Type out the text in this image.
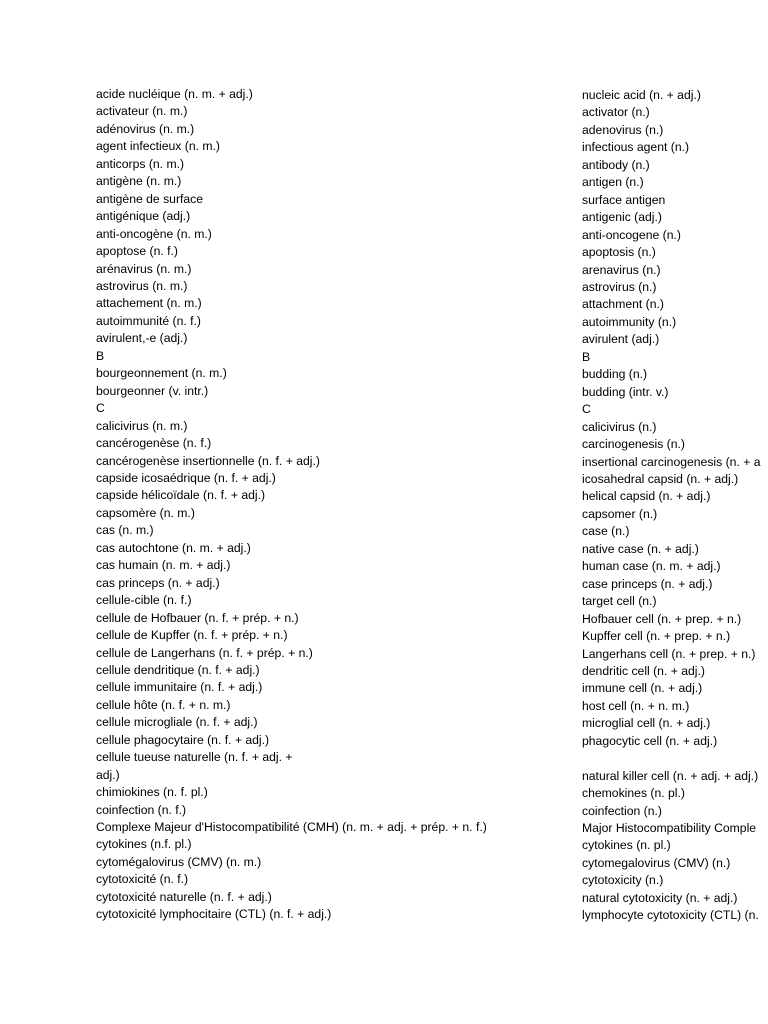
acide nucléique (n. m. + adj.)
activateur (n. m.)
adénovirus (n. m.)
agent infectieux (n. m.)
anticorps (n. m.)
antigène (n. m.)
antigène de surface
antigénique (adj.)
anti-oncogène (n. m.)
apoptose (n. f.)
arénavirus (n. m.)
astrovirus (n. m.)
attachement (n. m.)
autoimmunité (n. f.)
avirulent,-e (adj.)
B
bourgeonnement (n. m.)
bourgeonner (v. intr.)
C
calicivirus (n. m.)
cancérogenèse (n. f.)
cancérogenèse insertionnelle (n. f. + adj.)
capside icosaédrique (n. f. + adj.)
capside hélicoïdale (n. f. + adj.)
capsomère (n. m.)
cas (n. m.)
cas autochtone (n. m. + adj.)
cas humain (n. m. + adj.)
cas princeps (n. + adj.)
cellule-cible (n. f.)
cellule de Hofbauer (n. f. + prép. + n.)
cellule de Kupffer (n. f. + prép. + n.)
cellule de Langerhans (n. f. + prép. + n.)
cellule dendritique (n. f. + adj.)
cellule immunitaire (n. f. + adj.)
cellule hôte (n. f. + n. m.)
cellule microgliale (n. f. + adj.)
cellule phagocytaire (n. f. + adj.)
cellule tueuse naturelle (n. f. + adj. +
adj.)
chimiokines (n. f. pl.)
coinfection (n. f.)
Complexe Majeur d'Histocompatibilité (CMH) (n. m. + adj. + prép. + n. f.)
cytokines (n.f. pl.)
cytomégalovirus (CMV) (n. m.)
cytotoxicité (n. f.)
cytotoxicité naturelle (n. f. + adj.)
cytotoxicité lymphocitaire (CTL) (n. f. + adj.)
nucleic acid (n. + adj.)
activator (n.)
adenovirus (n.)
infectious agent (n.)
antibody (n.)
antigen (n.)
surface antigen
antigenic (adj.)
anti-oncogene (n.)
apoptosis (n.)
arenavirus (n.)
astrovirus (n.)
attachment (n.)
autoimmunity (n.)
avirulent (adj.)
B
budding (n.)
budding (intr. v.)
C
calicivirus (n.)
carcinogenesis (n.)
insertional carcinogenesis (n. + a
icosahedral capsid (n. + adj.)
helical capsid (n. + adj.)
capsomer (n.)
case (n.)
native case (n. + adj.)
human case (n. m. + adj.)
case princeps (n. + adj.)
target cell (n.)
Hofbauer cell (n. + prep. + n.)
Kupffer cell (n. + prep. + n.)
Langerhans cell (n. + prep. + n.)
dendritic cell (n. + adj.)
immune cell (n. + adj.)
host cell (n. + n. m.)
microglial cell (n. + adj.)
phagocytic cell (n. + adj.)

natural killer cell (n. + adj. + adj.)
chemokines (n. pl.)
coinfection (n.)
Major Histocompatibility Comple
cytokines (n. pl.)
cytomegalovirus (CMV) (n.)
cytotoxicity (n.)
natural cytotoxicity (n. + adj.)
lymphocyte cytotoxicity (CTL) (n.
